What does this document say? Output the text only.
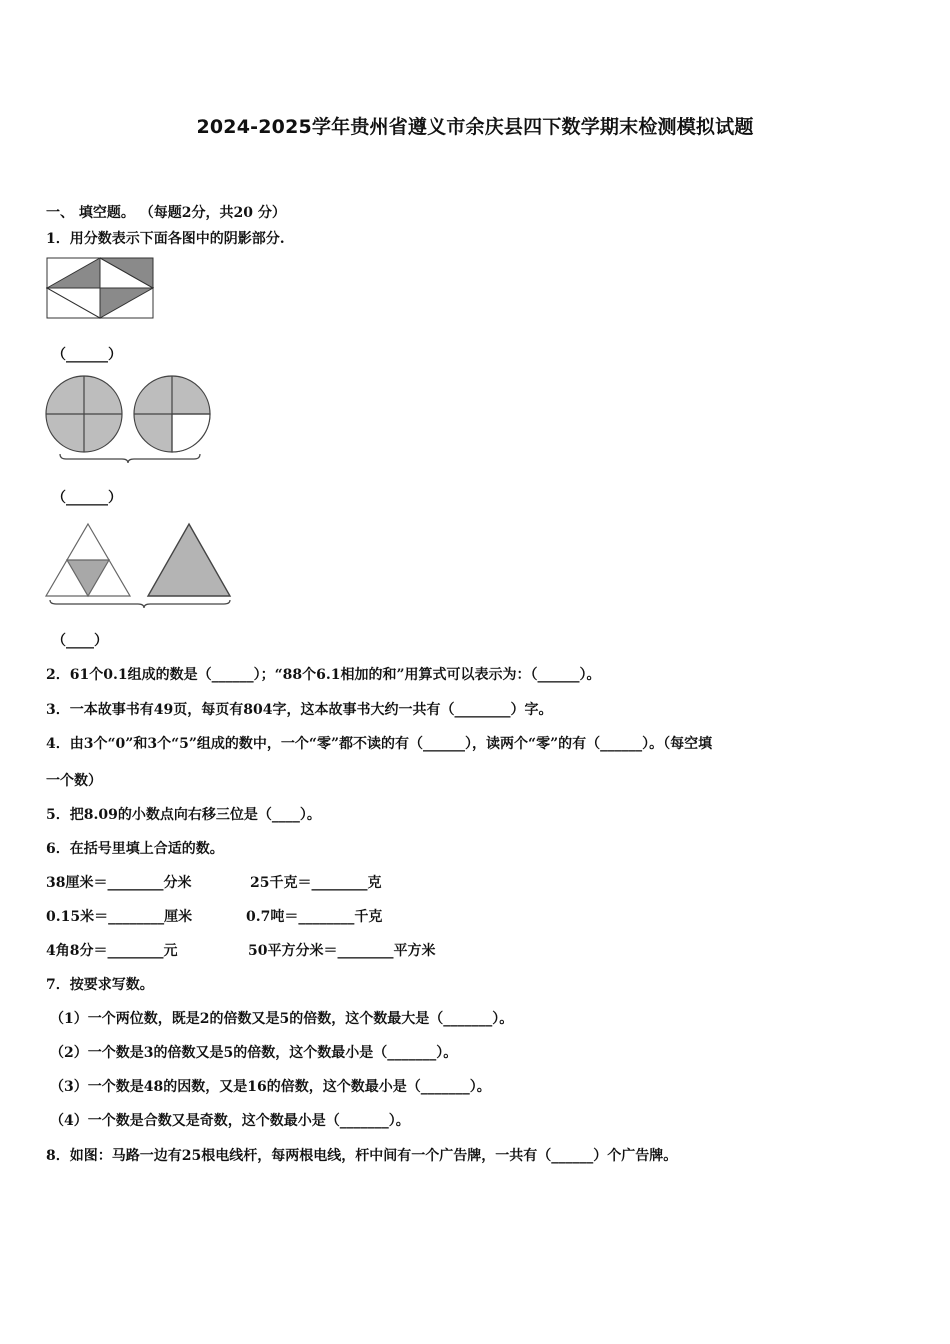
2024-2025学年贵州省遵义市余庆县四下数学期末检测模拟试题
一、 填空题。 （每题2分，共20 分）
1．用分数表示下面各图中的阴影部分.
（______）
（______）
（____）
2．61个0.1组成的数是（______）；“88个6.1相加的和”用算式可以表示为：（______）。
3．一本故事书有49页，每页有804字，这本故事书大约一共有（________）字。
4．由3个“0”和3个“5”组成的数中，一个“零”都不读的有（______），读两个“零”的有（______）。（每空填
一个数）
5．把8.09的小数点向右移三位是（____）。
6．在括号里填上合适的数。
38厘米＝________分米	25千克＝________克
0.15米＝________厘米	0.7吨＝________千克
4角8分＝________元	50平方分米＝________平方米
7．按要求写数。
（1）一个两位数，既是2的倍数又是5的倍数，这个数最大是（_______）。
（2）一个数是3的倍数又是5的倍数，这个数最小是（_______）。
（3）一个数是48的因数，又是16的倍数，这个数最小是（_______）。
（4）一个数是合数又是奇数，这个数最小是（_______）。
8．如图：马路一边有25根电线杆，每两根电线，杆中间有一个广告牌，一共有（______）个广告牌。
